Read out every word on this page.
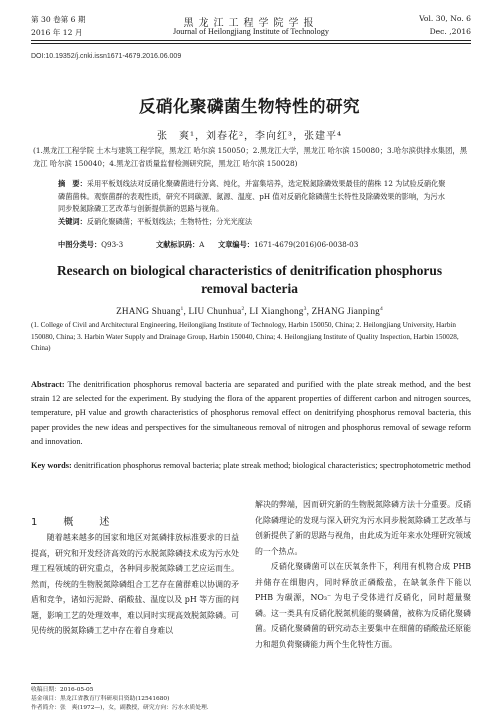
第 30 卷第 6 期
2016 年 12 月
黑龙江工程学院学报
Journal of Heilongjiang Institute of Technology
Vol. 30, No. 6
Dec. ,2016
DOI:10.19352/j.cnki.issn1671-4679.2016.06.009
反硝化聚磷菌生物特性的研究
张　爽¹，刘春花²，李向红³，张建平⁴
(1.黑龙江工程学院 土木与建筑工程学院，黑龙江 哈尔滨 150050；2.黑龙江大学，黑龙江 哈尔滨 150080；3.哈尔滨供排水集团，黑龙江 哈尔滨 150040；4.黑龙江省质量监督检测研究院，黑龙江 哈尔滨 150028)
摘　要：采用平板划线法对反硝化聚磷菌进行分离、纯化，并富集培养，选定脱氮除磷效果最佳的菌株 12 为试验反硝化聚磷菌菌株。观察菌群的表观性质，研究不同碳源、氮源、温度、pH 值对反硝化除磷菌生长特性及除磷效果的影响，为污水同步脱氮除磷工艺改革与创新提供新的思路与视角。
关键词：反硝化聚磷菌；平板划线法；生物特性；分光光度法
中图分类号：Q93-3	文献标识码：A	文章编号：1671-4679(2016)06-0038-03
Research on biological characteristics of denitrification phosphorus removal bacteria
ZHANG Shuang$^1$, LIU Chunhua$^2$, LI Xianghong$^3$, ZHANG Jianping$^4$
(1. College of Civil and Architectural Engineering, Heilongjiang Institute of Technology, Harbin 150050, China; 2. Heilongjiang University, Harbin 150080, China; 3. Harbin Water Supply and Drainage Group, Harbin 150040, China; 4. Heilongjiang Institute of Quality Inspection, Harbin 150028, China)
Abstract: The denitrification phosphorus removal bacteria are separated and purified with the plate streak method, and the best strain 12 are selected for the experiment. By studying the flora of the apparent properties of different carbon and nitrogen sources, temperature, pH value and growth characteristics of phosphorus removal effect on denitrifying phosphorus removal bacteria, this paper provides the new ideas and perspectives for the simultaneous removal of nitrogen and phosphorus removal of sewage reform and innovation.
Key words: denitrification phosphorus removal bacteria; plate streak method; biological characteristics; spectrophotometric method
1　概　述

随着越来越多的国家和地区对氮磷排放标准要求的日益提高，研究和开发经济高效的污水脱氮除磷技术成为污水处理工程领域的研究重点，各种同步脱氮除磷工艺应运而生。然而，传统的生物脱氮除磷组合工艺存在菌群难以协调的矛盾和竞争，诸如污泥龄、硝酸盐、温度以及 pH 等方面的问题，影响工艺的处理效率，难以同时实现高效脱氮除磷。可见传统的脱氮除磷工艺中存在着自身难以

解决的弊端，因而研究新的生物脱氮除磷方法十分重要。反硝化除磷理论的发现与深入研究为污水同步脱氮除磷工艺改革与创新提供了新的思路与视角，由此成为近年来水处理研究领域的一个热点。

反硝化聚磷菌可以在厌氧条件下，利用有机物合成 PHB 并储存在细胞内，同时释放正磷酸盐，在缺氧条件下能以 PHB 为碳源，NO₃⁻ 为电子受体进行反硝化，同时超量聚磷。这一类具有反硝化脱氮机能的聚磷菌，被称为反硝化聚磷菌。反硝化聚磷菌的研究动态主要集中在细菌的硝酸盐还原能力和超负荷聚磷能力两个生化特性方面。

收稿日期：2016-05-05
基金项目：黑龙江省教育厅科研项目资助(12541680)
作者简介：张　爽(1972—)，女，副教授，研究方向：污水水质处理.
